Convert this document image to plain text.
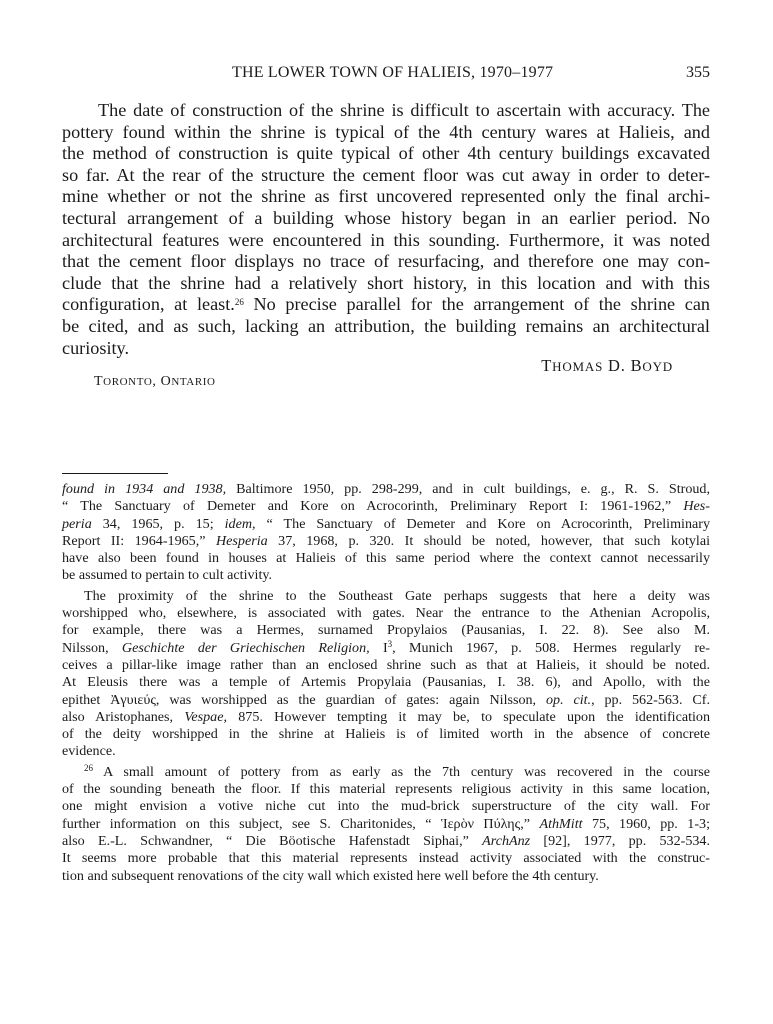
THE LOWER TOWN OF HALIEIS, 1970–1977	355
The date of construction of the shrine is difficult to ascertain with accuracy. The
pottery found within the shrine is typical of the 4th century wares at Halieis, and
the method of construction is quite typical of other 4th century buildings excavated
so far. At the rear of the structure the cement floor was cut away in order to deter-
mine whether or not the shrine as first uncovered represented only the final archi-
tectural arrangement of a building whose history began in an earlier period. No
architectural features were encountered in this sounding. Furthermore, it was noted
that the cement floor displays no trace of resurfacing, and therefore one may con-
clude that the shrine had a relatively short history, in this location and with this
configuration, at least.$^{26}$ No precise parallel for the arrangement of the shrine can
be cited, and as such, lacking an attribution, the building remains an architectural
curiosity.
THOMAS D. BOYD
TORONTO, ONTARIO
found in 1934 and 1938, Baltimore 1950, pp. 298-299, and in cult buildings, e. g., R. S. Stroud,
“ The Sanctuary of Demeter and Kore on Acrocorinth, Preliminary Report I: 1961-1962,” Hes-
peria 34, 1965, p. 15; idem, “ The Sanctuary of Demeter and Kore on Acrocorinth, Preliminary
Report II: 1964-1965,” Hesperia 37, 1968, p. 320. It should be noted, however, that such kotylai
have also been found in houses at Halieis of this same period where the context cannot necessarily
be assumed to pertain to cult activity.
The proximity of the shrine to the Southeast Gate perhaps suggests that here a deity was
worshipped who, elsewhere, is associated with gates. Near the entrance to the Athenian Acropolis,
for example, there was a Hermes, surnamed Propylaios (Pausanias, I. 22. 8). See also M.
Nilsson, Geschichte der Griechischen Religion, $I^3$, Munich 1967, p. 508. Hermes regularly re-
ceives a pillar-like image rather than an enclosed shrine such as that at Halieis, it should be noted.
At Eleusis there was a temple of Artemis Propylaia (Pausanias, I. 38. 6), and Apollo, with the
epithet Ἀγυιεύς, was worshipped as the guardian of gates: again Nilsson, op. cit., pp. 562-563. Cf.
also Aristophanes, Vespae, 875. However tempting it may be, to speculate upon the identification
of the deity worshipped in the shrine at Halieis is of limited worth in the absence of concrete
evidence.
$^{26}$ A small amount of pottery from as early as the 7th century was recovered in the course
of the sounding beneath the floor. If this material represents religious activity in this same location,
one might envision a votive niche cut into the mud-brick superstructure of the city wall. For
further information on this subject, see S. Charitonides, “ Ἱερὸν Πύλης,” AthMitt 75, 1960, pp. 1-3;
also E.-L. Schwandner, “ Die Böotische Hafenstadt Siphai,” ArchAnz [92], 1977, pp. 532-534.
It seems more probable that this material represents instead activity associated with the construc-
tion and subsequent renovations of the city wall which existed here well before the 4th century.
